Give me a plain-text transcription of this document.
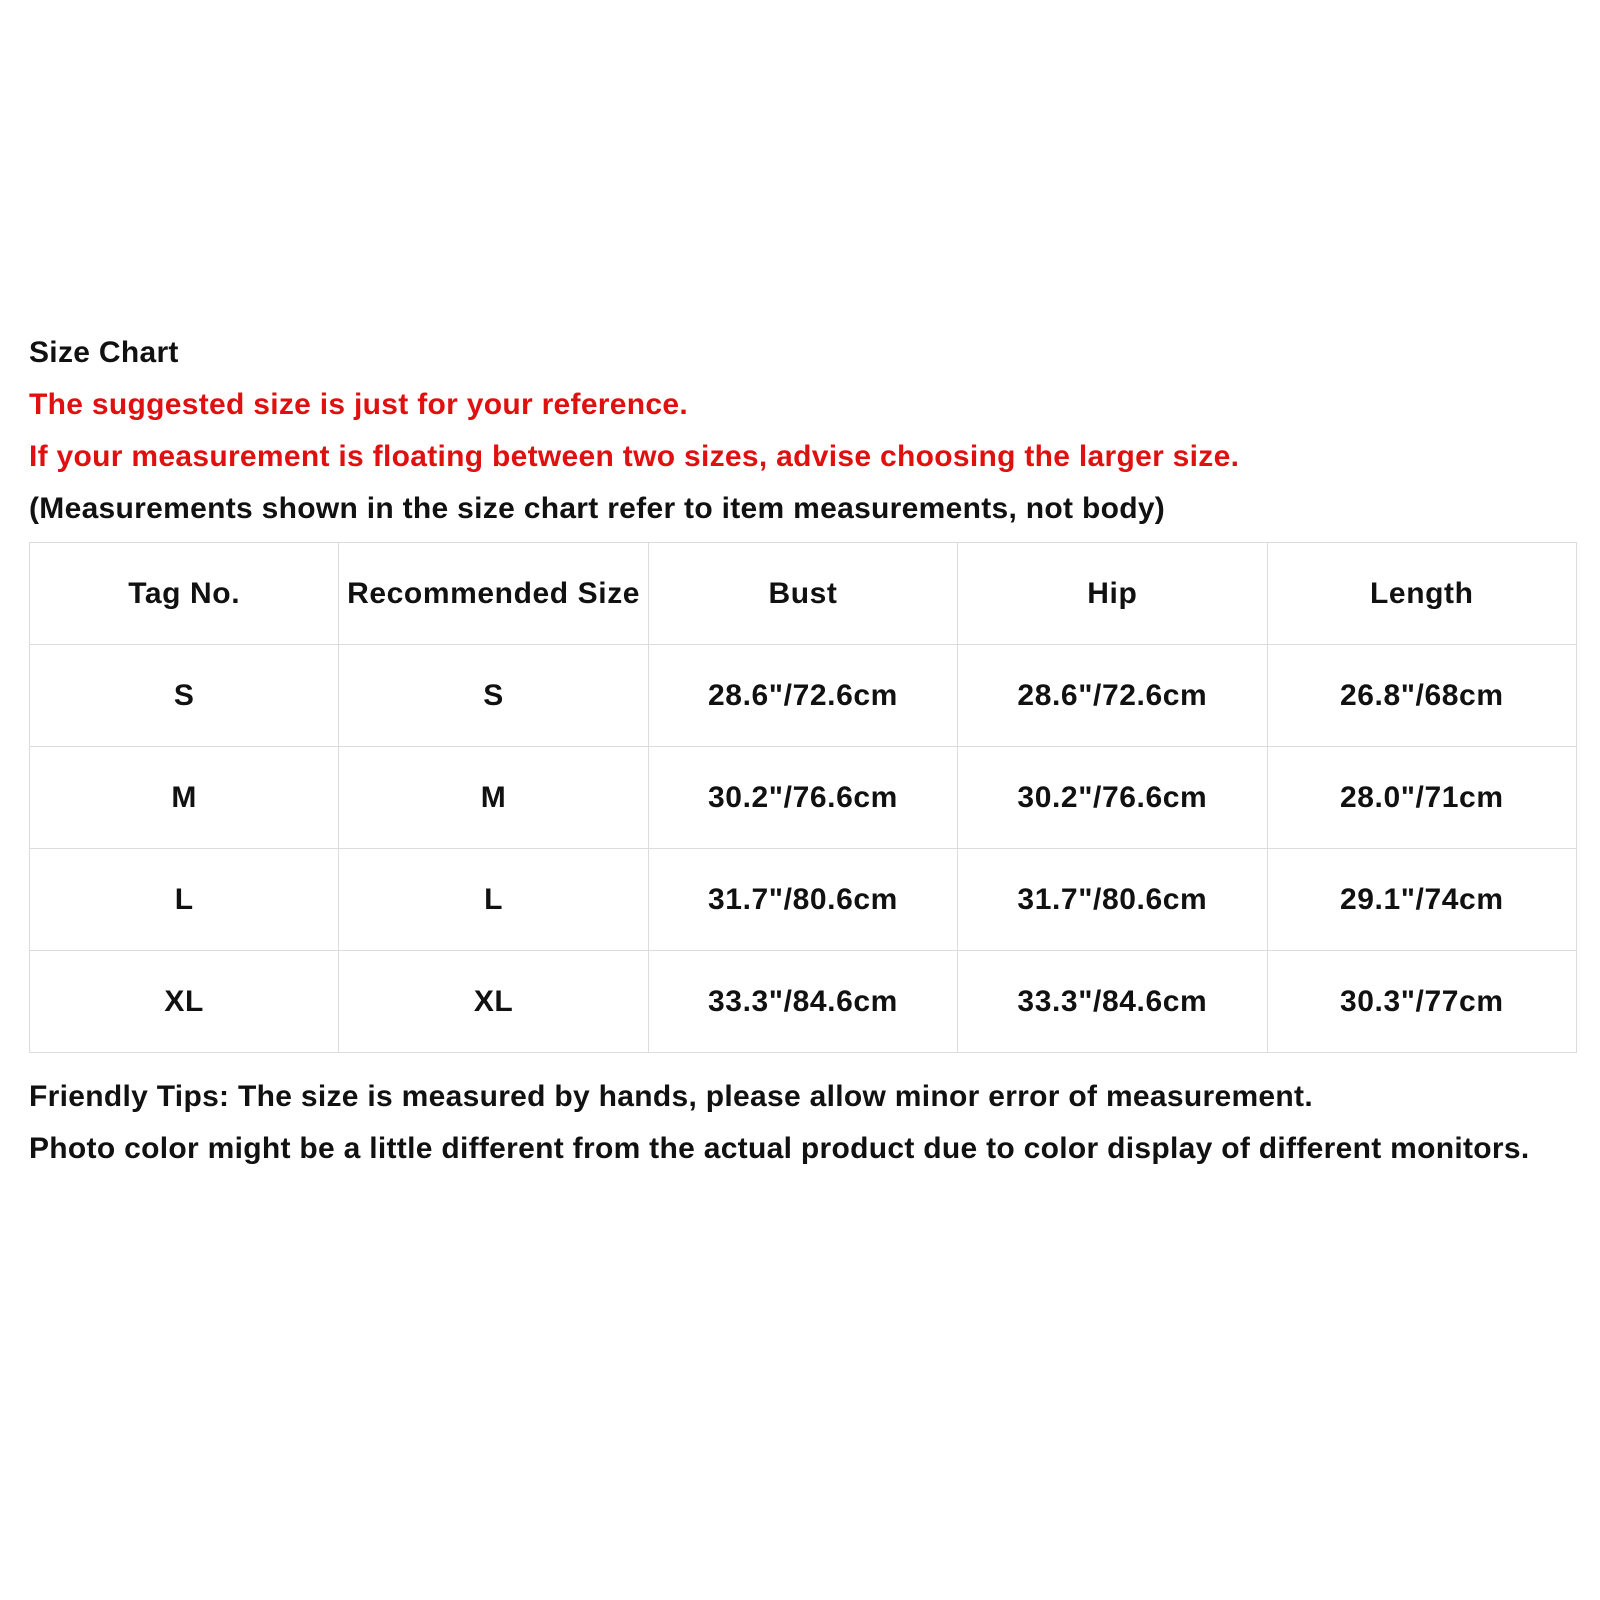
Size Chart
The suggested size is just for your reference.
If your measurement is floating between two sizes, advise choosing the larger size.
(Measurements shown in the size chart refer to item measurements, not body)
Tag No.	Recommended Size	Bust	Hip	Length
S	S	28.6"/72.6cm	28.6"/72.6cm	26.8"/68cm
M	M	30.2"/76.6cm	30.2"/76.6cm	28.0"/71cm
L	L	31.7"/80.6cm	31.7"/80.6cm	29.1"/74cm
XL	XL	33.3"/84.6cm	33.3"/84.6cm	30.3"/77cm
Friendly Tips: The size is measured by hands, please allow minor error of measurement.
Photo color might be a little different from the actual product due to color display of different monitors.
